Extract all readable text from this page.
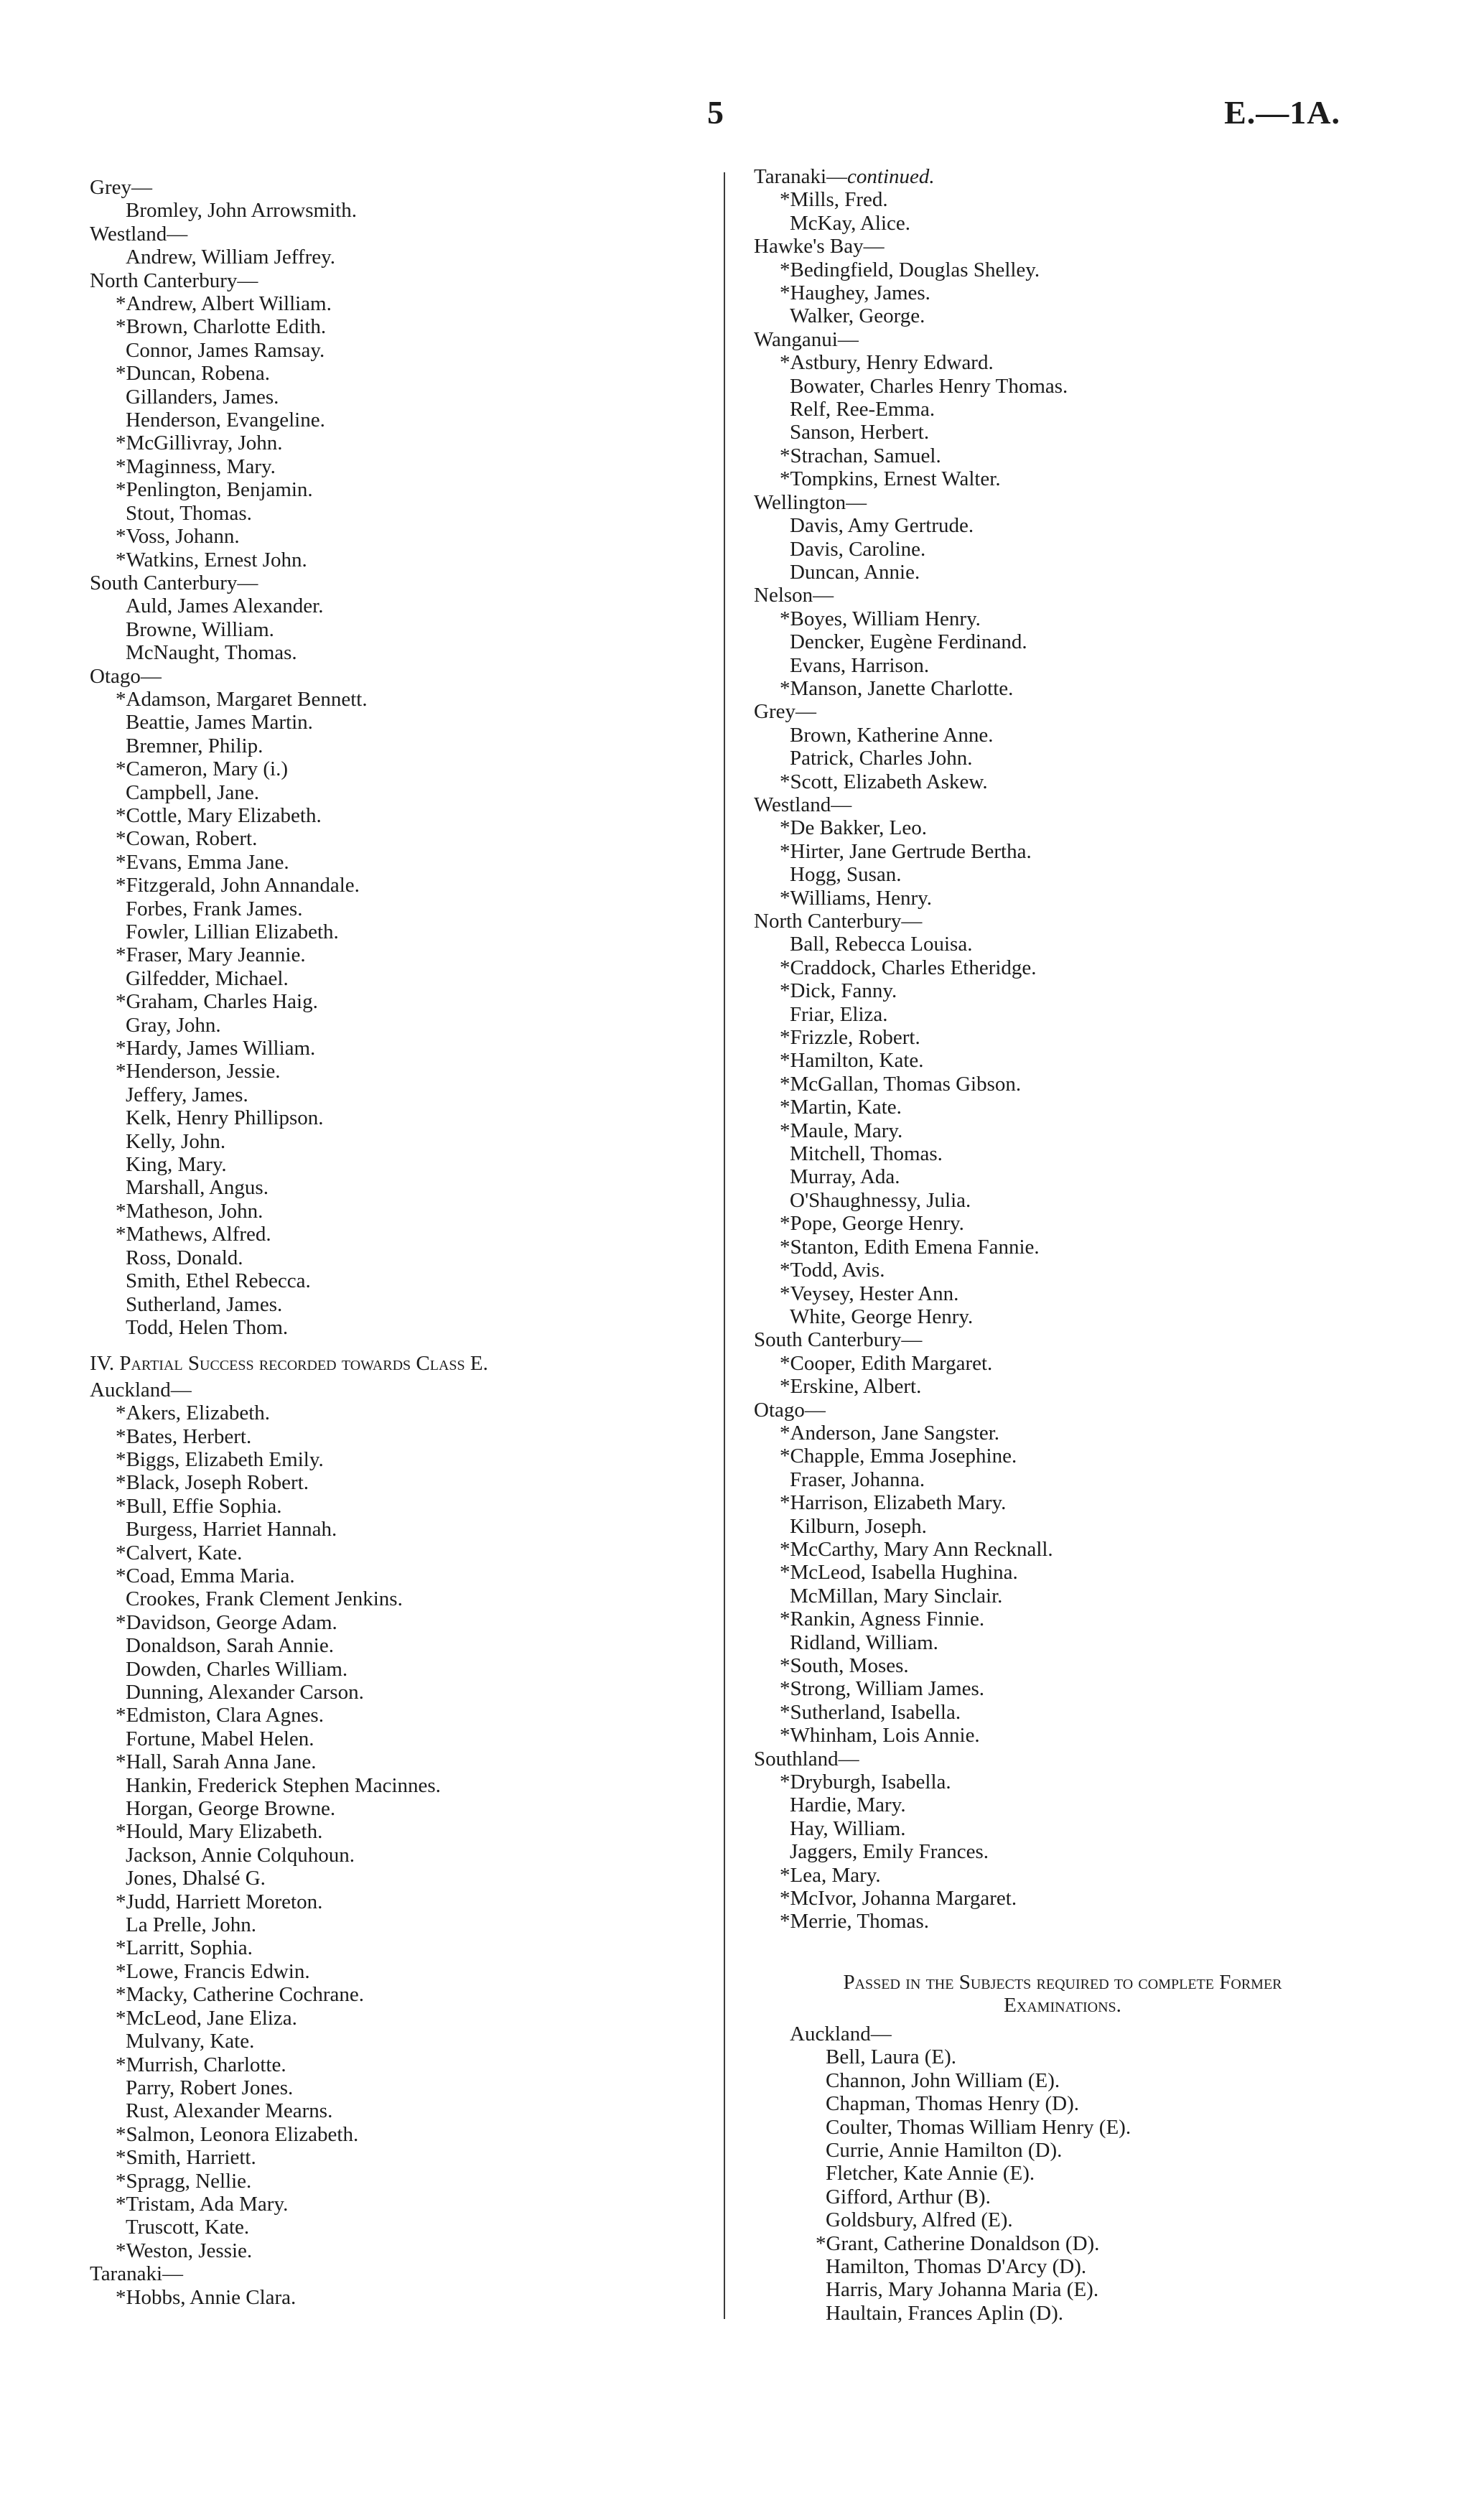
5	E.—1A.
Grey—
Bromley, John Arrowsmith.
Westland—
Andrew, William Jeffrey.
North Canterbury—
*Andrew, Albert William.
*Brown, Charlotte Edith.
Connor, James Ramsay.
*Duncan, Robena.
Gillanders, James.
Henderson, Evangeline.
*McGillivray, John.
*Maginness, Mary.
*Penlington, Benjamin.
Stout, Thomas.
*Voss, Johann.
*Watkins, Ernest John.
South Canterbury—
Auld, James Alexander.
Browne, William.
McNaught, Thomas.
Otago—
*Adamson, Margaret Bennett.
Beattie, James Martin.
Bremner, Philip.
*Cameron, Mary (i.)
Campbell, Jane.
*Cottle, Mary Elizabeth.
*Cowan, Robert.
*Evans, Emma Jane.
*Fitzgerald, John Annandale.
Forbes, Frank James.
Fowler, Lillian Elizabeth.
*Fraser, Mary Jeannie.
Gilfedder, Michael.
*Graham, Charles Haig.
Gray, John.
*Hardy, James William.
*Henderson, Jessie.
Jeffery, James.
Kelk, Henry Phillipson.
Kelly, John.
King, Mary.
Marshall, Angus.
*Matheson, John.
*Mathews, Alfred.
Ross, Donald.
Smith, Ethel Rebecca.
Sutherland, James.
Todd, Helen Thom.
IV. Partial Success recorded towards Class E.
Auckland—
*Akers, Elizabeth.
*Bates, Herbert.
*Biggs, Elizabeth Emily.
*Black, Joseph Robert.
*Bull, Effie Sophia.
Burgess, Harriet Hannah.
*Calvert, Kate.
*Coad, Emma Maria.
Crookes, Frank Clement Jenkins.
*Davidson, George Adam.
Donaldson, Sarah Annie.
Dowden, Charles William.
Dunning, Alexander Carson.
*Edmiston, Clara Agnes.
Fortune, Mabel Helen.
*Hall, Sarah Anna Jane.
Hankin, Frederick Stephen Macinnes.
Horgan, George Browne.
*Hould, Mary Elizabeth.
Jackson, Annie Colquhoun.
Jones, Dhalsé G.
*Judd, Harriett Moreton.
La Prelle, John.
*Larritt, Sophia.
*Lowe, Francis Edwin.
*Macky, Catherine Cochrane.
*McLeod, Jane Eliza.
Mulvany, Kate.
*Murrish, Charlotte.
Parry, Robert Jones.
Rust, Alexander Mearns.
*Salmon, Leonora Elizabeth.
*Smith, Harriett.
*Spragg, Nellie.
*Tristam, Ada Mary.
Truscott, Kate.
*Weston, Jessie.
Taranaki—
*Hobbs, Annie Clara.
Taranaki—continued.
*Mills, Fred.
McKay, Alice.
Hawke's Bay—
*Bedingfield, Douglas Shelley.
*Haughey, James.
Walker, George.
Wanganui—
*Astbury, Henry Edward.
Bowater, Charles Henry Thomas.
Relf, Ree-Emma.
Sanson, Herbert.
*Strachan, Samuel.
*Tompkins, Ernest Walter.
Wellington—
Davis, Amy Gertrude.
Davis, Caroline.
Duncan, Annie.
Nelson—
*Boyes, William Henry.
Dencker, Eugène Ferdinand.
Evans, Harrison.
*Manson, Janette Charlotte.
Grey—
Brown, Katherine Anne.
Patrick, Charles John.
*Scott, Elizabeth Askew.
Westland—
*De Bakker, Leo.
*Hirter, Jane Gertrude Bertha.
Hogg, Susan.
*Williams, Henry.
North Canterbury—
Ball, Rebecca Louisa.
*Craddock, Charles Etheridge.
*Dick, Fanny.
Friar, Eliza.
*Frizzle, Robert.
*Hamilton, Kate.
*McGallan, Thomas Gibson.
*Martin, Kate.
*Maule, Mary.
Mitchell, Thomas.
Murray, Ada.
O'Shaughnessy, Julia.
*Pope, George Henry.
*Stanton, Edith Emena Fannie.
*Todd, Avis.
*Veysey, Hester Ann.
White, George Henry.
South Canterbury—
*Cooper, Edith Margaret.
*Erskine, Albert.
Otago—
*Anderson, Jane Sangster.
*Chapple, Emma Josephine.
Fraser, Johanna.
*Harrison, Elizabeth Mary.
Kilburn, Joseph.
*McCarthy, Mary Ann Recknall.
*McLeod, Isabella Hughina.
McMillan, Mary Sinclair.
*Rankin, Agness Finnie.
Ridland, William.
*South, Moses.
*Strong, William James.
*Sutherland, Isabella.
*Whinham, Lois Annie.
Southland—
*Dryburgh, Isabella.
Hardie, Mary.
Hay, William.
Jaggers, Emily Frances.
*Lea, Mary.
*McIvor, Johanna Margaret.
*Merrie, Thomas.
Passed in the Subjects required to complete Former
Examinations.
Auckland—
Bell, Laura (E).
Channon, John William (E).
Chapman, Thomas Henry (D).
Coulter, Thomas William Henry (E).
Currie, Annie Hamilton (D).
Fletcher, Kate Annie (E).
Gifford, Arthur (B).
Goldsbury, Alfred (E).
*Grant, Catherine Donaldson (D).
Hamilton, Thomas D'Arcy (D).
Harris, Mary Johanna Maria (E).
Haultain, Frances Aplin (D).
